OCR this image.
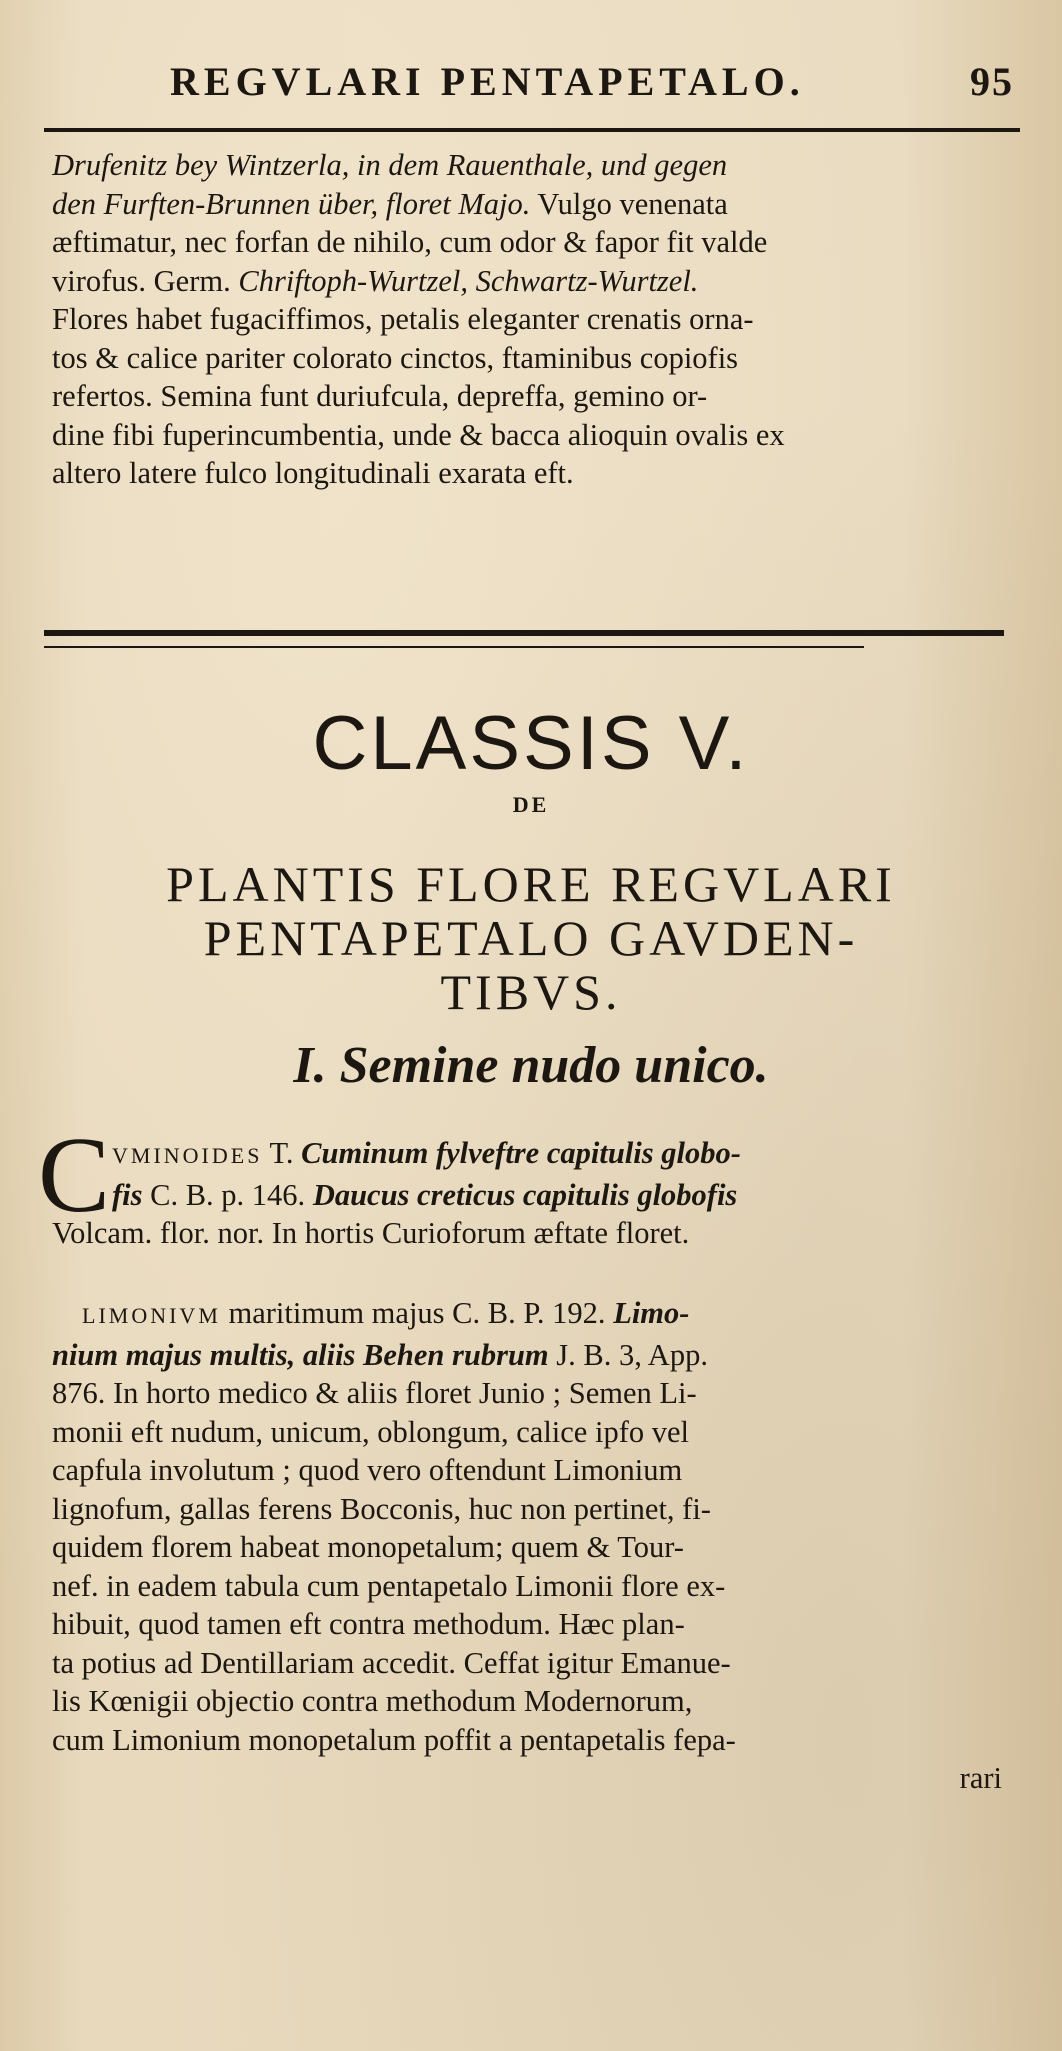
REGVLARI PENTAPETALO.	95
Drufenitz bey Wintzerla, in dem Rauenthale, und gegen
den Furften-Brunnen über, floret Majo. Vulgo venenata
æftimatur, nec forfan de nihilo, cum odor & fapor fit valde
virofus. Germ. Chriftoph-Wurtzel, Schwartz-Wurtzel.
Flores habet fugaciffimos, petalis eleganter crenatis orna-
tos & calice pariter colorato cinctos, ftaminibus copiofis
refertos. Semina funt duriufcula, depreffa, gemino or-
dine fibi fuperincumbentia, unde & bacca alioquin ovalis ex
altero latere fulco longitudinali exarata eft.
CLASSIS V.
DE
PLANTIS FLORE REGVLARI
PENTAPETALO GAVDEN-
TIBVS.
I. Semine nudo unico.
C VMINOIDES T. Cuminum fylveftre capitulis globo-
fis C. B. p. 146. Daucus creticus capitulis globofis
Volcam. flor. nor. In hortis Curioforum æftate floret.
LIMONIVM maritimum majus C. B. P. 192. Limo-
nium majus multis, aliis Behen rubrum J. B. 3, App.
876. In horto medico & aliis floret Junio ; Semen Li-
monii eft nudum, unicum, oblongum, calice ipfo vel
capfula involutum ; quod vero oftendunt Limonium
lignofum, gallas ferens Bocconis, huc non pertinet, fi-
quidem florem habeat monopetalum; quem & Tour-
nef. in eadem tabula cum pentapetalo Limonii flore ex-
hibuit, quod tamen eft contra methodum. Hæc plan-
ta potius ad Dentillariam accedit. Ceffat igitur Emanue-
lis Kœnigii objectio contra methodum Modernorum,
cum Limonium monopetalum poffit a pentapetalis fepa-
rari
